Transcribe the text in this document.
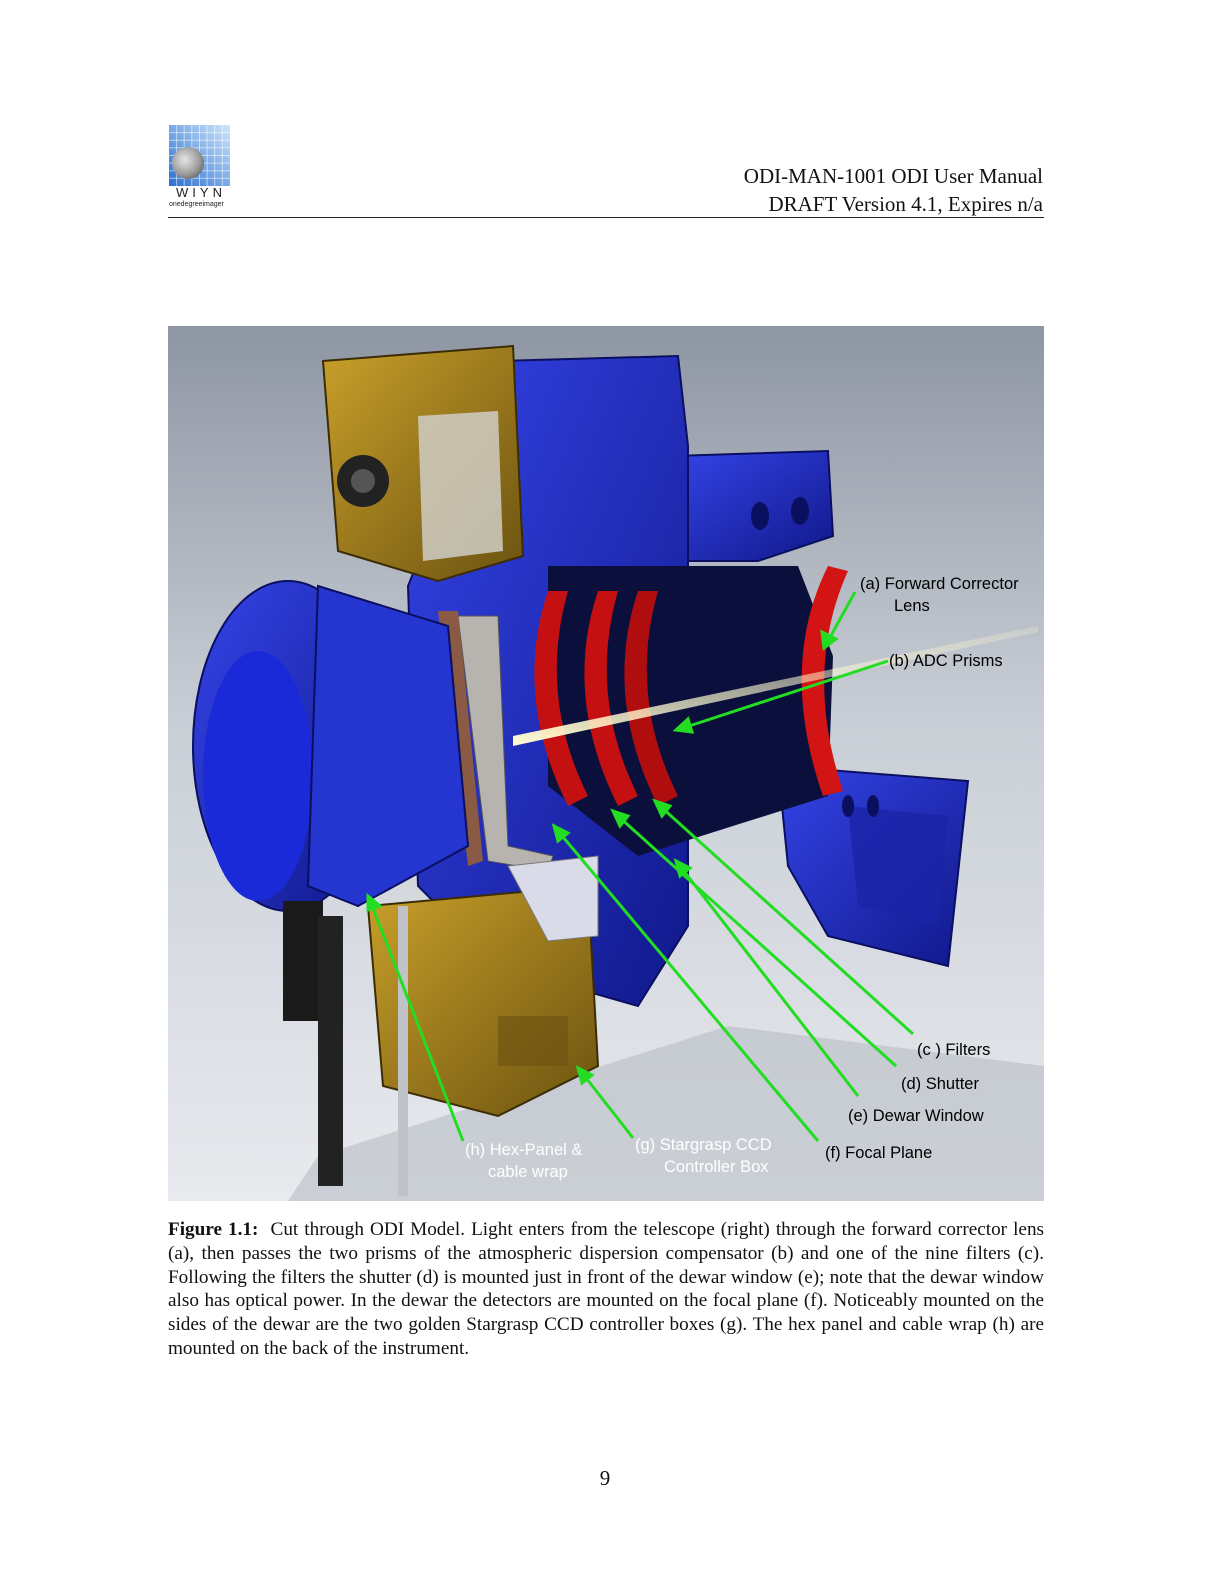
WIYN
onedegreeimager
ODI-MAN-1001 ODI User Manual
DRAFT Version 4.1, Expires n/a
(a) Forward Corrector
Lens
(b) ADC Prisms
(c ) Filters
(d) Shutter
(e) Dewar Window
(f) Focal Plane
(g) Stargrasp CCD
Controller Box
(h) Hex-Panel &
cable wrap
Figure 1.1: Cut through ODI Model. Light enters from the telescope (right) through the forward corrector lens (a), then passes the two prisms of the atmospheric dispersion compensator (b) and one of the nine filters (c). Following the filters the shutter (d) is mounted just in front of the dewar window (e); note that the dewar window also has optical power. In the dewar the detectors are mounted on the focal plane (f). Noticeably mounted on the sides of the dewar are the two golden Stargrasp CCD controller boxes (g). The hex panel and cable wrap (h) are mounted on the back of the instrument.
9
